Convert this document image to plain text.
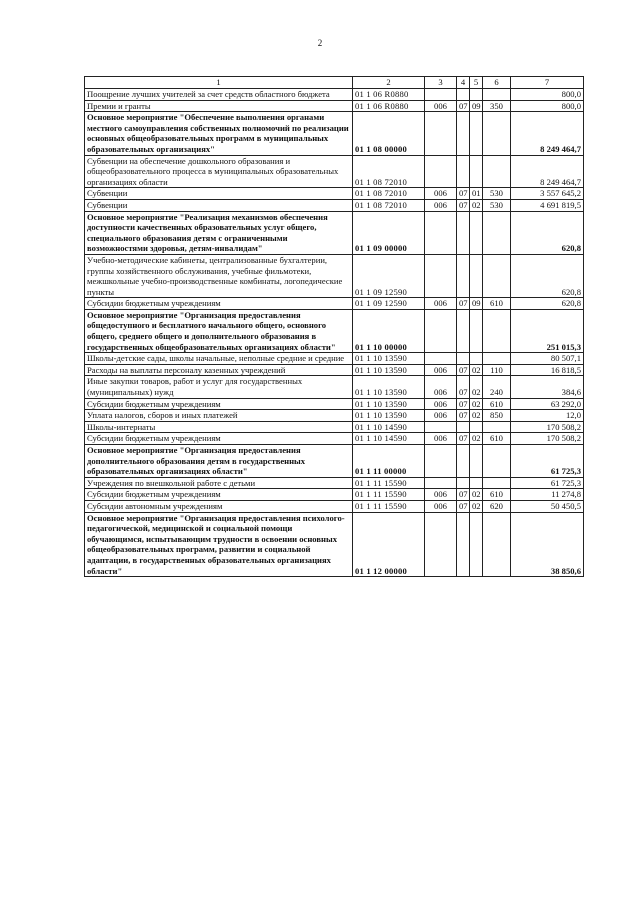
2
1	2	3	4	5	6	7
Поощрение лучших учителей за счет средств областного бюджета	01 1 06 R0880					800,0
Премии и гранты	01 1 06 R0880	006	07	09	350	800,0
Основное мероприятие "Обеспечение выполнения органами местного самоуправления собственных полномочий по реализации основных общеобразовательных программ в муниципальных образовательных организациях"	01 1 08 00000					8 249 464,7
Субвенции на обеспечение дошкольного образования и общеобразовательного процесса в муниципальных образовательных организациях области	01 1 08 72010					8 249 464,7
Субвенции	01 1 08 72010	006	07	01	530	3 557 645,2
Субвенции	01 1 08 72010	006	07	02	530	4 691 819,5
Основное мероприятие "Реализация механизмов обеспечения доступности качественных образовательных услуг общего, специального образования детям с ограниченными возможностями здоровья, детям-инвалидам"	01 1 09 00000					620,8
Учебно-методические кабинеты, централизованные бухгалтерии, группы хозяйственного обслуживания, учебные фильмотеки, межшкольные учебно-производственные комбинаты, логопедические пункты	01 1 09 12590					620,8
Субсидии бюджетным учреждениям	01 1 09 12590	006	07	09	610	620,8
Основное мероприятие "Организация предоставления общедоступного и бесплатного начального общего, основного общего, среднего общего и дополнительного образования в государственных общеобразовательных организациях области"	01 1 10 00000					251 015,3
Школы-детские сады, школы начальные, неполные средние и средние	01 1 10 13590					80 507,1
Расходы на выплаты персоналу казенных учреждений	01 1 10 13590	006	07	02	110	16 818,5
Иные закупки товаров, работ и услуг для государственных (муниципальных) нужд	01 1 10 13590	006	07	02	240	384,6
Субсидии бюджетным учреждениям	01 1 10 13590	006	07	02	610	63 292,0
Уплата налогов, сборов и иных платежей	01 1 10 13590	006	07	02	850	12,0
Школы-интернаты	01 1 10 14590					170 508,2
Субсидии бюджетным учреждениям	01 1 10 14590	006	07	02	610	170 508,2
Основное мероприятие "Организация предоставления дополнительного образования детям в государственных образовательных организациях области"	01 1 11 00000					61 725,3
Учреждения по внешкольной работе с детьми	01 1 11 15590					61 725,3
Субсидии бюджетным учреждениям	01 1 11 15590	006	07	02	610	11 274,8
Субсидии автономным учреждениям	01 1 11 15590	006	07	02	620	50 450,5
Основное мероприятие "Организация предоставления психолого-педагогической, медицинской и социальной помощи обучающимся, испытывающим трудности в освоении основных общеобразовательных программ, развитии и социальной адаптации, в государственных образовательных организациях области"	01 1 12 00000					38 850,6
